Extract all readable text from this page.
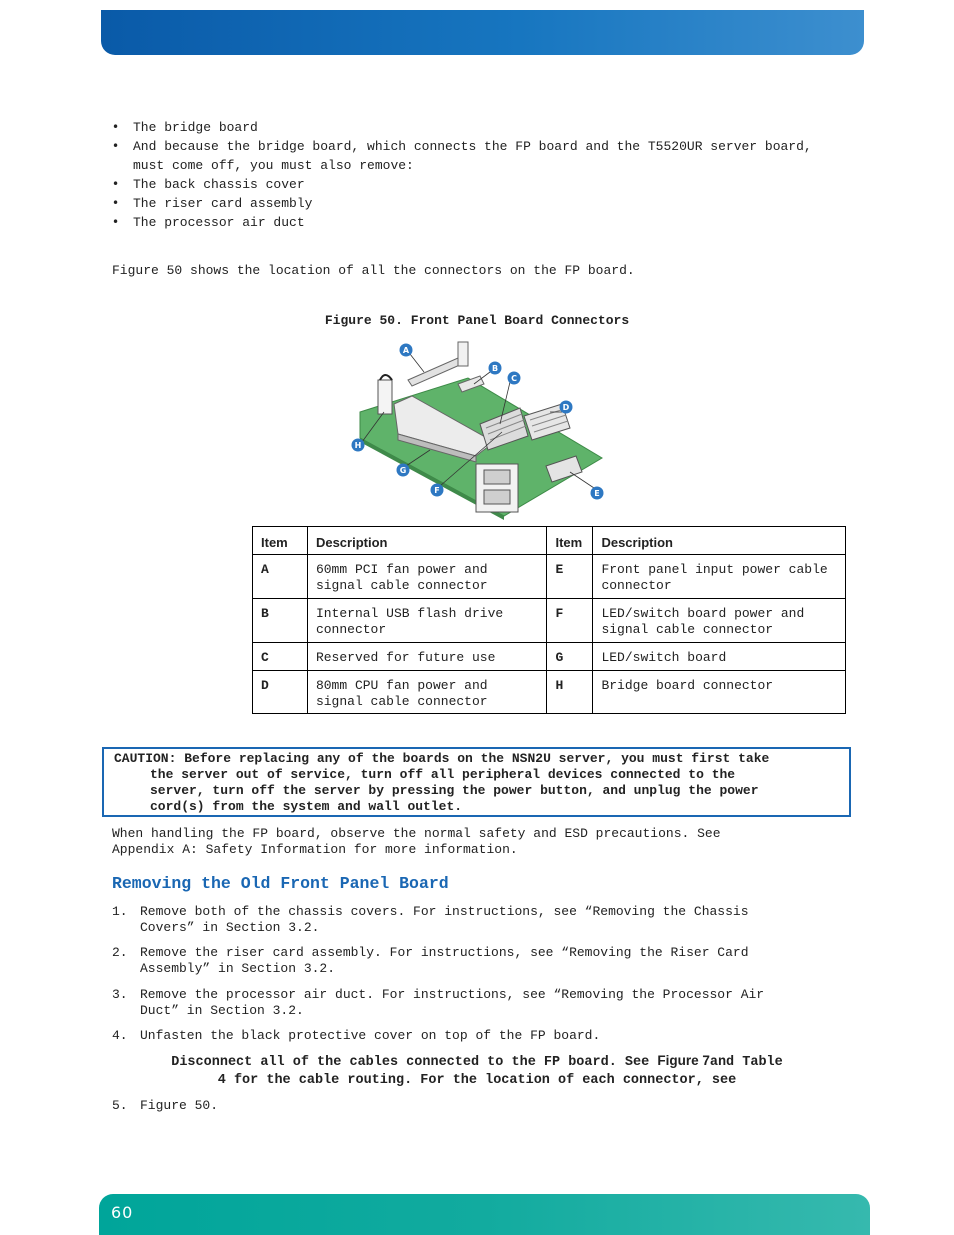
• The bridge board
• And because the bridge board, which connects the FP board and the T5520UR server board, must come off, you must also remove:
• The back chassis cover
• The riser card assembly
• The processor air duct

Figure 50 shows the location of all the connectors on the FP board.

Figure 50. Front Panel Board Connectors
A
B
C
D
E
F
G
H
Item	Description	Item	Description
A	60mm PCI fan power and signal cable connector	E	Front panel input power cable connector
B	Internal USB flash drive connector	F	LED/switch board power and signal cable connector
C	Reserved for future use	G	LED/switch board
D	80mm CPU fan power and signal cable connector	H	Bridge board connector
CAUTION: Before replacing any of the boards on the NSN2U server, you must first take
the server out of service, turn off all peripheral devices connected to the
server, turn off the server by pressing the power button, and unplug the power
cord(s) from the system and wall outlet.
When handling the FP board, observe the normal safety and ESD precautions. See
Appendix A: Safety Information for more information.
Removing the Old Front Panel Board
1. Remove both of the chassis covers. For instructions, see “Removing the Chassis
Covers” in Section 3.2.
2. Remove the riser card assembly. For instructions, see “Removing the Riser Card
Assembly” in Section 3.2.
3. Remove the processor air duct. For instructions, see “Removing the Processor Air
Duct” in Section 3.2.
4. Unfasten the black protective cover on top of the FP board.
Disconnect all of the cables connected to the FP board. See Figure 7and Table
4 for the cable routing. For the location of each connector, see
5. Figure 50.
60
